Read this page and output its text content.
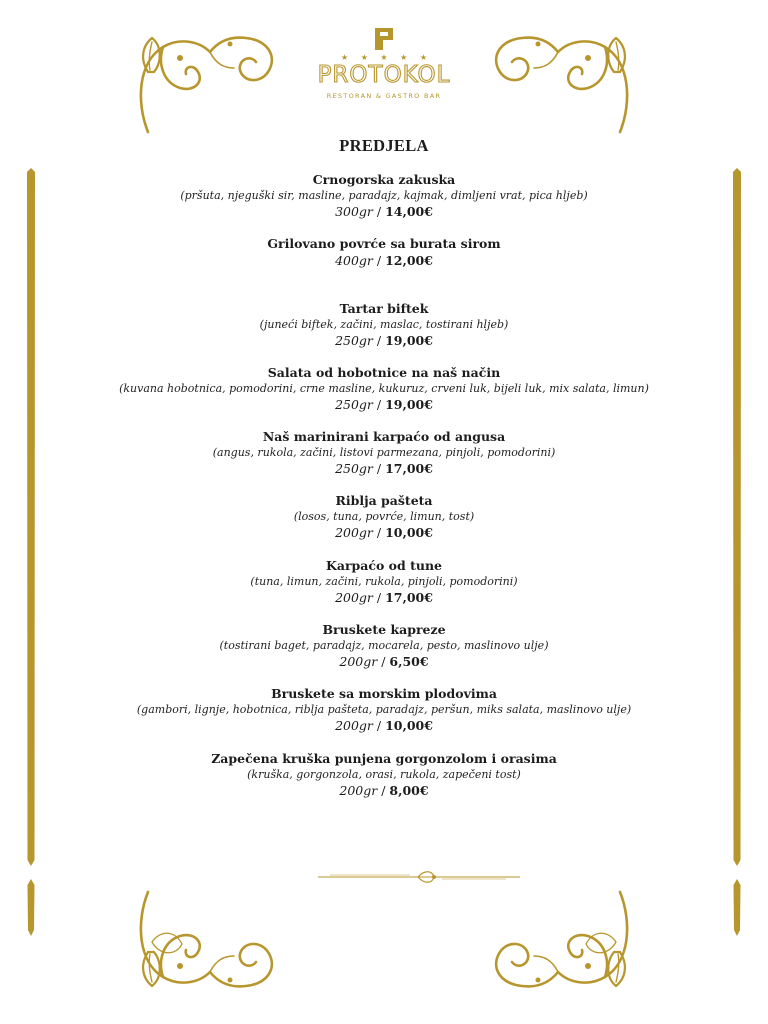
★ ★ ★ ★ ★
PROTOKOL
RESTORAN & GASTRO BAR
PREDJELA
Crnogorska zakuska
(pršuta, njeguški sir, masline, paradajz, kajmak, dimljeni vrat, pica hljeb)
300gr / 14,00€
Grilovano povrće sa burata sirom
400gr / 12,00€
Tartar biftek
(juneći biftek, začini, maslac, tostirani hljeb)
250gr / 19,00€
Salata od hobotnice na naš način
(kuvana hobotnica, pomodorini, crne masline, kukuruz, crveni luk, bijeli luk, mix salata, limun)
250gr / 19,00€
Naš marinirani karpaćo od angusa
(angus, rukola, začini, listovi parmezana, pinjoli, pomodorini)
250gr / 17,00€
Riblja pašteta
(losos, tuna, povrće, limun, tost)
200gr / 10,00€
Karpaćo od tune
(tuna, limun, začini, rukola, pinjoli, pomodorini)
200gr / 17,00€
Bruskete kapreze
(tostirani baget, paradajz, mocarela, pesto, maslinovo ulje)
200gr / 6,50€
Bruskete sa morskim plodovima
(gambori, lignje, hobotnica, riblja pašteta, paradajz, peršun, miks salata, maslinovo ulje)
200gr / 10,00€
Zapečena kruška punjena gorgonzolom i orasima
(kruška, gorgonzola, orasi, rukola, zapečeni tost)
200gr / 8,00€
